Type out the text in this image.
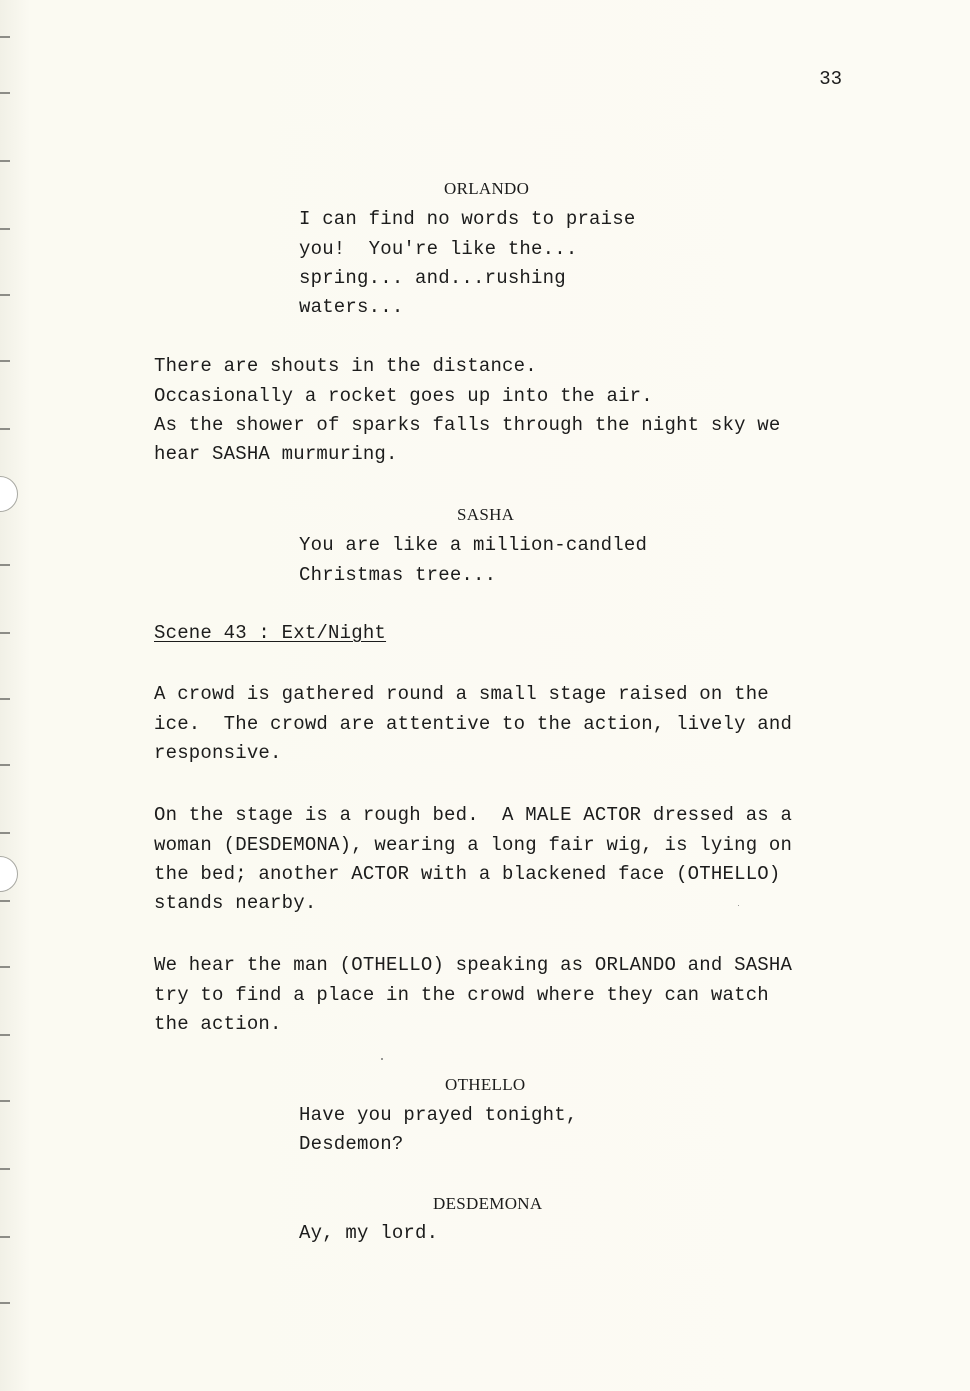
33
ORLANDO
I can find no words to praise
you!  You're like the...
spring... and...rushing
waters...
There are shouts in the distance.
Occasionally a rocket goes up into the air.
As the shower of sparks falls through the night sky we
hear SASHA murmuring.
SASHA
You are like a million-candled
Christmas tree...
Scene 43 : Ext/Night
A crowd is gathered round a small stage raised on the
ice.  The crowd are attentive to the action, lively and
responsive.
On the stage is a rough bed.  A MALE ACTOR dressed as a
woman (DESDEMONA), wearing a long fair wig, is lying on
the bed; another ACTOR with a blackened face (OTHELLO)
stands nearby.
We hear the man (OTHELLO) speaking as ORLANDO and SASHA
try to find a place in the crowd where they can watch
the action.
OTHELLO
Have you prayed tonight,
Desdemon?
DESDEMONA
Ay, my lord.
